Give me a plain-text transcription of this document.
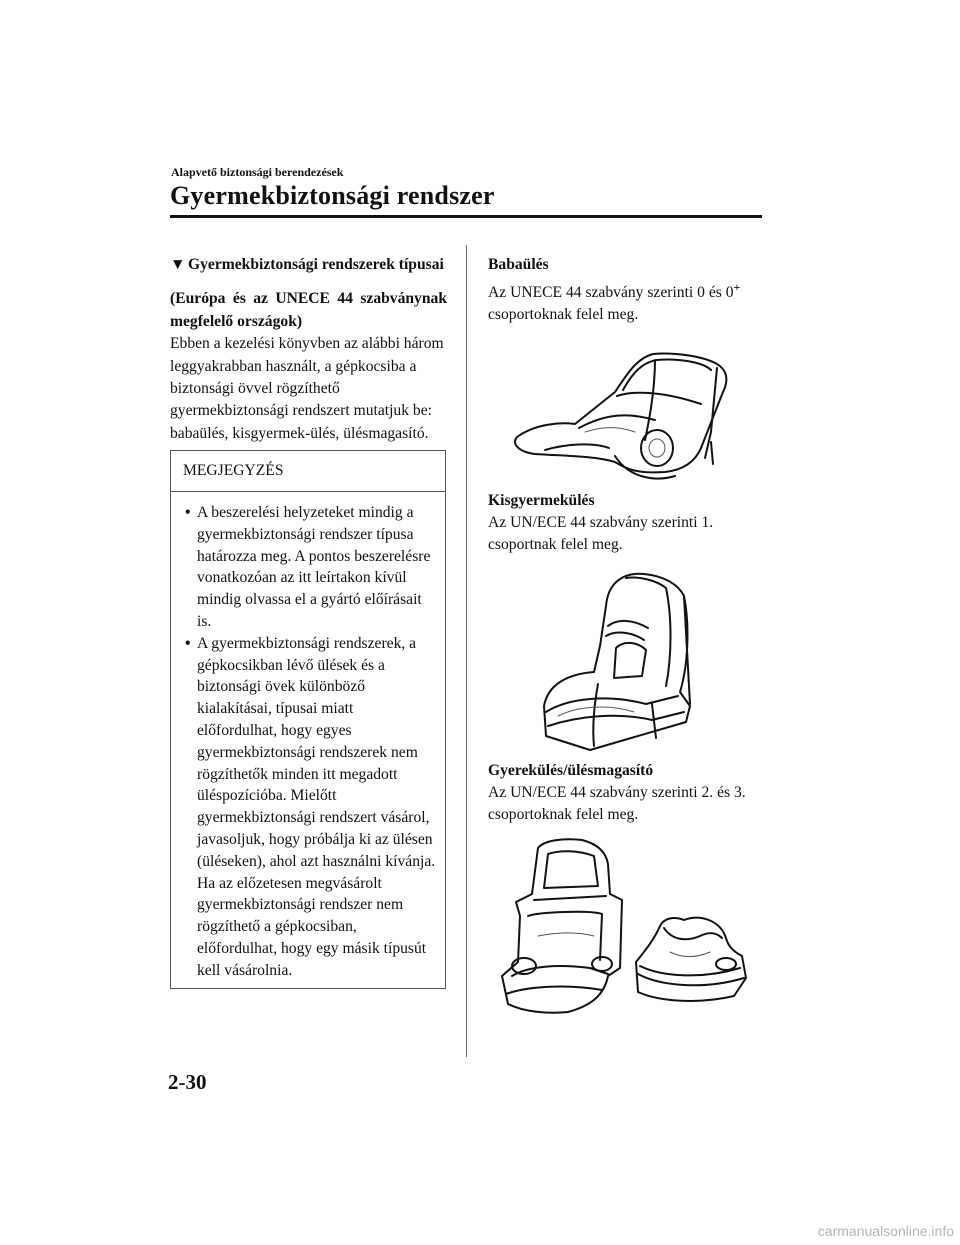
Alapvető biztonsági berendezések
Gyermekbiztonsági rendszer
▼ Gyermekbiztonsági rendszerek típusai
(Európa és az UNECE 44 szabványnak megfelelő országok)
Ebben a kezelési könyvben az alábbi három leggyakrabban használt, a gépkocsiba a biztonsági övvel rögzíthető gyermekbiztonsági rendszert mutatjuk be: babaülés, kisgyermek-ülés, ülésmagasító.
MEGJEGYZÉS
• A beszerelési helyzeteket mindig a gyermekbiztonsági rendszer típusa határozza meg. A pontos beszerelésre vonatkozóan az itt leírtakon kívül mindig olvassa el a gyártó előírásait is.
• A gyermekbiztonsági rendszerek, a gépkocsikban lévő ülések és a biztonsági övek különböző kialakításai, típusai miatt előfordulhat, hogy egyes gyermekbiztonsági rendszerek nem rögzíthetők minden itt megadott üléspozícióba. Mielőtt gyermekbiztonsági rendszert vásárol, javasoljuk, hogy próbálja ki az ülésen (üléseken), ahol azt használni kívánja. Ha az előzetesen megvásárolt gyermekbiztonsági rendszer nem rögzíthető a gépkocsiban, előfordulhat, hogy egy másik típusút kell vásárolnia.
Babaülés
Az UNECE 44 szabvány szerinti 0 és 0+
csoportoknak felel meg.
Kisgyermekülés
Az UN/ECE 44 szabvány szerinti 1. csoportnak felel meg.
Gyerekülés/ülésmagasító
Az UN/ECE 44 szabvány szerinti 2. és 3. csoportoknak felel meg.
2-30
carmanualsonline.info
